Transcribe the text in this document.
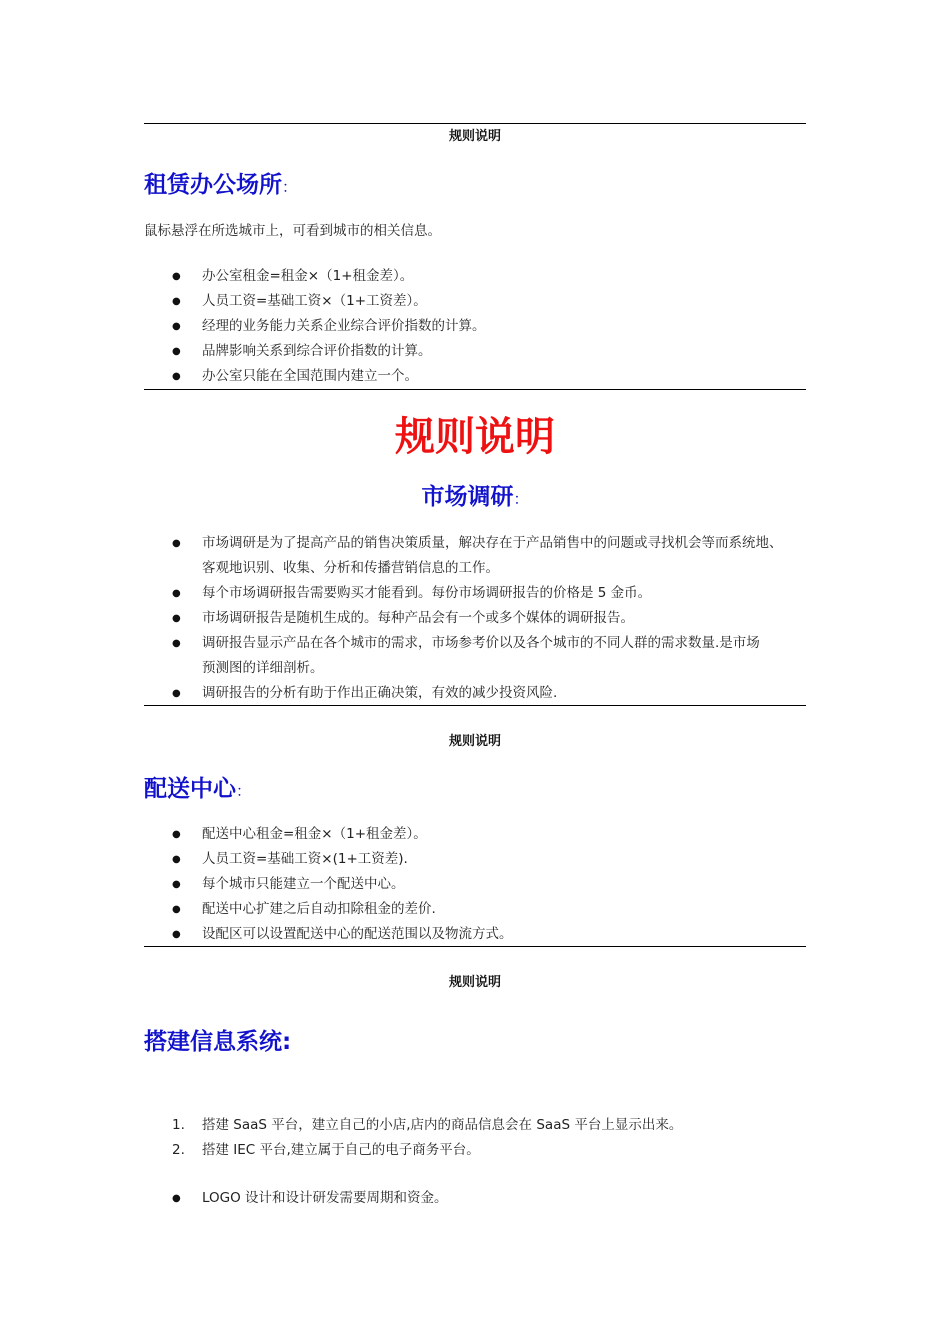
规则说明
租赁办公场所：
鼠标悬浮在所选城市上，可看到城市的相关信息。
● 办公室租金=租金×（1+租金差）。
● 人员工资=基础工资×（1+工资差）。
● 经理的业务能力关系企业综合评价指数的计算。
● 品牌影响关系到综合评价指数的计算。
● 办公室只能在全国范围内建立一个。
规则说明
市场调研：
● 市场调研是为了提高产品的销售决策质量，解决存在于产品销售中的问题或寻找机会等而系统地、
客观地识别、收集、分析和传播营销信息的工作。
● 每个市场调研报告需要购买才能看到。每份市场调研报告的价格是 5 金币。
● 市场调研报告是随机生成的。每种产品会有一个或多个媒体的调研报告。
● 调研报告显示产品在各个城市的需求，市场参考价以及各个城市的不同人群的需求数量.是市场
预测图的详细剖析。
● 调研报告的分析有助于作出正确决策，有效的减少投资风险.
规则说明
配送中心：
● 配送中心租金=租金×（1+租金差）。
● 人员工资=基础工资×(1+工资差).
● 每个城市只能建立一个配送中心。
● 配送中心扩建之后自动扣除租金的差价.
● 设配区可以设置配送中心的配送范围以及物流方式。
规则说明
搭建信息系统:
1. 搭建 SaaS 平台，建立自己的小店,店内的商品信息会在 SaaS 平台上显示出来。
2. 搭建 IEC 平台,建立属于自己的电子商务平台。
● LOGO 设计和设计研发需要周期和资金。
